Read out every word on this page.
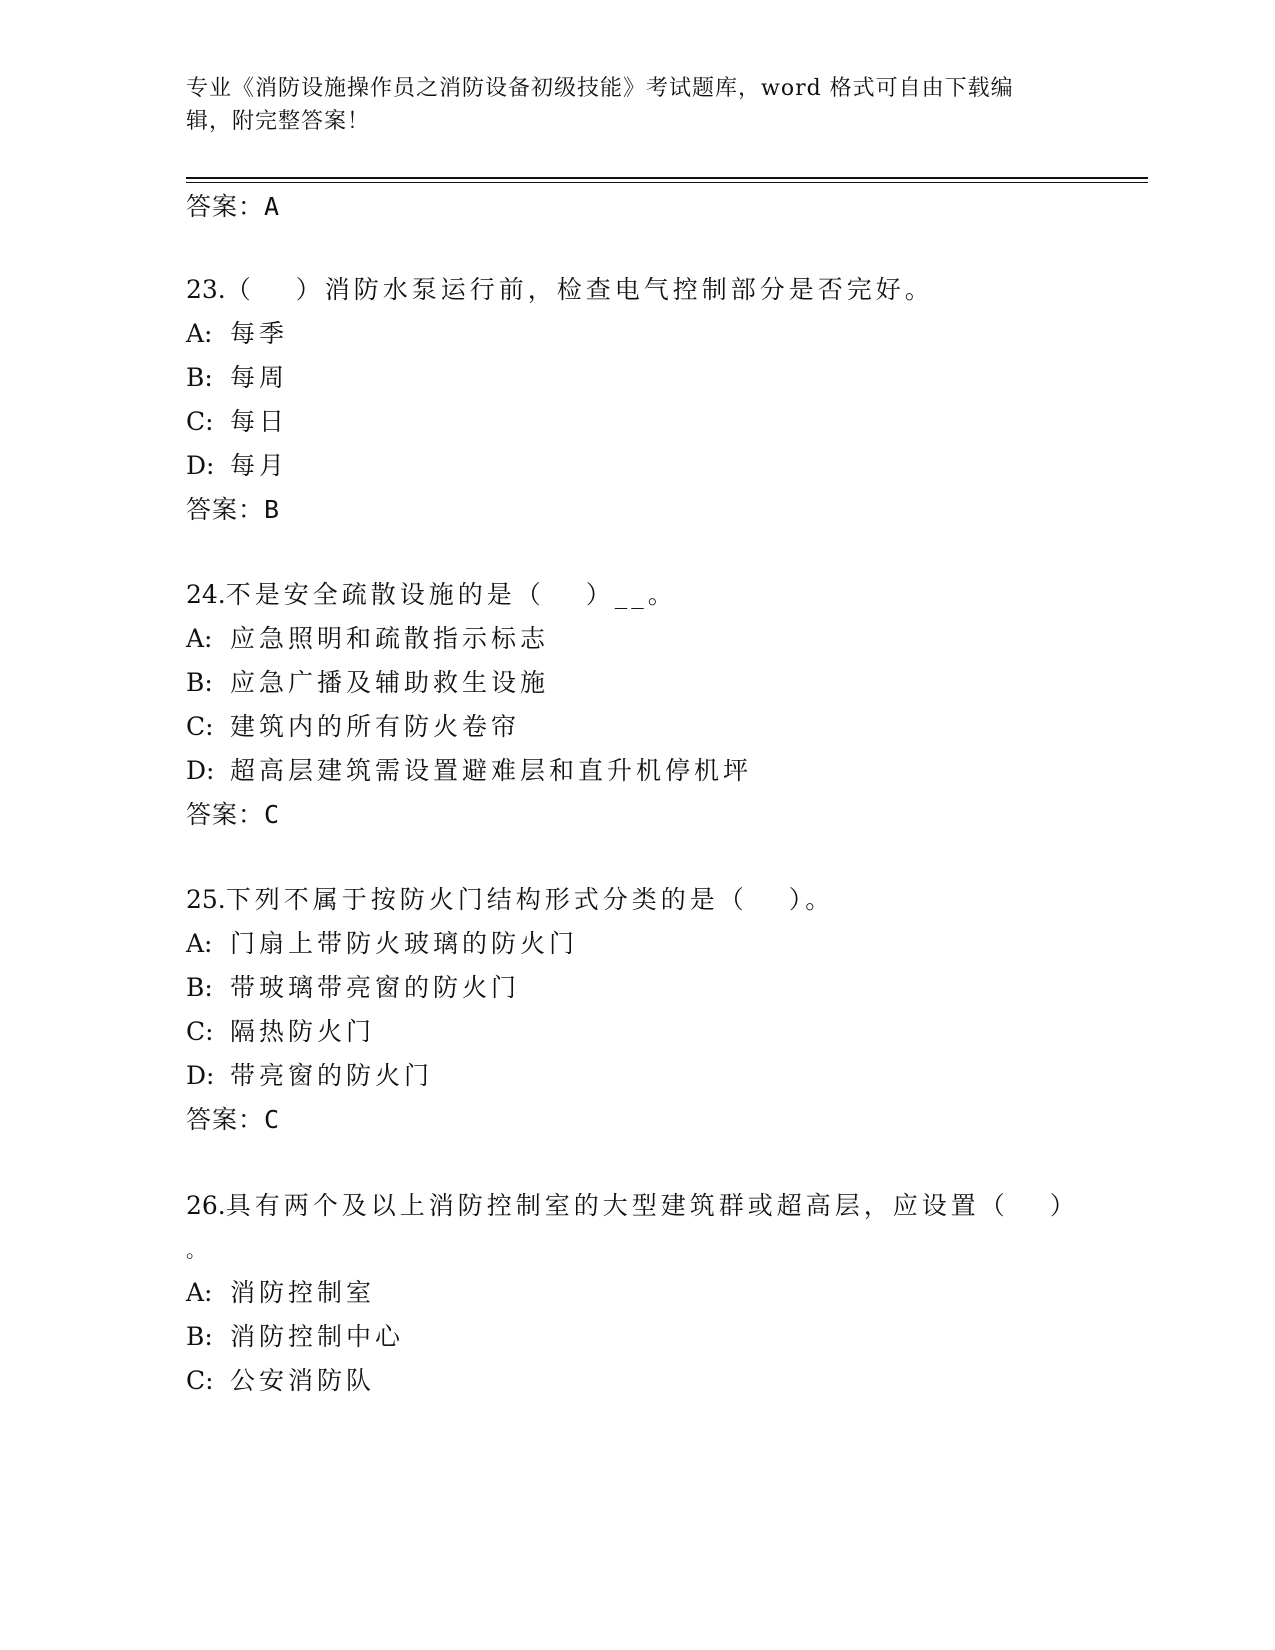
专业《消防设施操作员之消防设备初级技能》考试题库，word 格式可自由下载编
辑，附完整答案！
答案：A
23.（　 ）消防水泵运行前，检查电气控制部分是否完好。
A: 每季
B: 每周
C: 每日
D: 每月
答案：B
24.不是安全疏散设施的是（　 ）__。
A: 应急照明和疏散指示标志
B: 应急广播及辅助救生设施
C: 建筑内的所有防火卷帘
D: 超高层建筑需设置避难层和直升机停机坪
答案：C
25.下列不属于按防火门结构形式分类的是（　 ）。
A: 门扇上带防火玻璃的防火门
B: 带玻璃带亮窗的防火门
C: 隔热防火门
D: 带亮窗的防火门
答案：C
26.具有两个及以上消防控制室的大型建筑群或超高层，应设置（　 ）
。
A: 消防控制室
B: 消防控制中心
C: 公安消防队
